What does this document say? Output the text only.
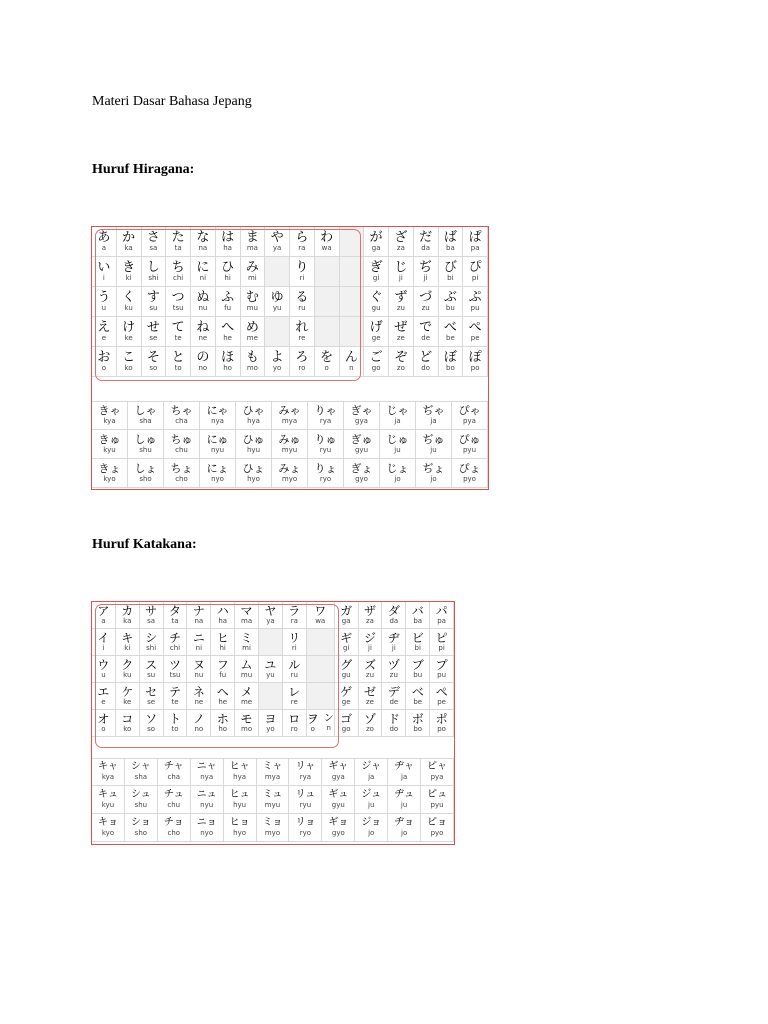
Materi Dasar Bahasa Jepang
Huruf Hiragana:
あ
a
か
ka
さ
sa
た
ta
な
na
は
ha
ま
ma
や
ya
ら
ra
わ
wa
が
ga
ざ
za
だ
da
ば
ba
ぱ
pa
い
i
き
ki
し
shi
ち
chi
に
ni
ひ
hi
み
mi
り
ri
ぎ
gi
じ
ji
ぢ
ji
び
bi
ぴ
pi
う
u
く
ku
す
su
つ
tsu
ぬ
nu
ふ
fu
む
mu
ゆ
yu
る
ru
ぐ
gu
ず
zu
づ
zu
ぶ
bu
ぷ
pu
え
e
け
ke
せ
se
て
te
ね
ne
へ
he
め
me
れ
re
げ
ge
ぜ
ze
で
de
べ
be
ぺ
pe
お
o
こ
ko
そ
so
と
to
の
no
ほ
ho
も
mo
よ
yo
ろ
ro
を
o
ん
n
ご
go
ぞ
zo
ど
do
ぼ
bo
ぽ
po
きゃ
kya
しゃ
sha
ちゃ
cha
にゃ
nya
ひゃ
hya
みゃ
mya
りゃ
rya
ぎゃ
gya
じゃ
ja
ぢゃ
ja
ぴゃ
pya
きゅ
kyu
しゅ
shu
ちゅ
chu
にゅ
nyu
ひゅ
hyu
みゅ
myu
りゅ
ryu
ぎゅ
gyu
じゅ
ju
ぢゅ
ju
ぴゅ
pyu
きょ
kyo
しょ
sho
ちょ
cho
にょ
nyo
ひょ
hyo
みょ
myo
りょ
ryo
ぎょ
gyo
じょ
jo
ぢょ
jo
ぴょ
pyo
Huruf Katakana:
ア
a
カ
ka
サ
sa
タ
ta
ナ
na
ハ
ha
マ
ma
ヤ
ya
ラ
ra
ワ
wa
ガ
ga
ザ
za
ダ
da
バ
ba
パ
pa
イ
i
キ
ki
シ
shi
チ
chi
ニ
ni
ヒ
hi
ミ
mi
リ
ri
ギ
gi
ジ
ji
ヂ
ji
ビ
bi
ピ
pi
ウ
u
ク
ku
ス
su
ツ
tsu
ヌ
nu
フ
fu
ム
mu
ユ
yu
ル
ru
グ
gu
ズ
zu
ヅ
zu
ブ
bu
プ
pu
エ
e
ケ
ke
セ
se
テ
te
ネ
ne
ヘ
he
メ
me
レ
re
ゲ
ge
ゼ
ze
デ
de
ベ
be
ペ
pe
オ
o
コ
ko
ソ
so
ト
to
ノ
no
ホ
ho
モ
mo
ヨ
yo
ロ
ro
ヲ
o
ン
n
ゴ
go
ゾ
zo
ド
do
ボ
bo
ポ
po
キャ
kya
シャ
sha
チャ
cha
ニャ
nya
ヒャ
hya
ミャ
mya
リャ
rya
ギャ
gya
ジャ
ja
ヂャ
ja
ピャ
pya
キュ
kyu
シュ
shu
チュ
chu
ニュ
nyu
ヒュ
hyu
ミュ
myu
リュ
ryu
ギュ
gyu
ジュ
ju
ヂュ
ju
ピュ
pyu
キョ
kyo
ショ
sho
チョ
cho
ニョ
nyo
ヒョ
hyo
ミョ
myo
リョ
ryo
ギョ
gyo
ジョ
jo
ヂョ
jo
ピョ
pyo
